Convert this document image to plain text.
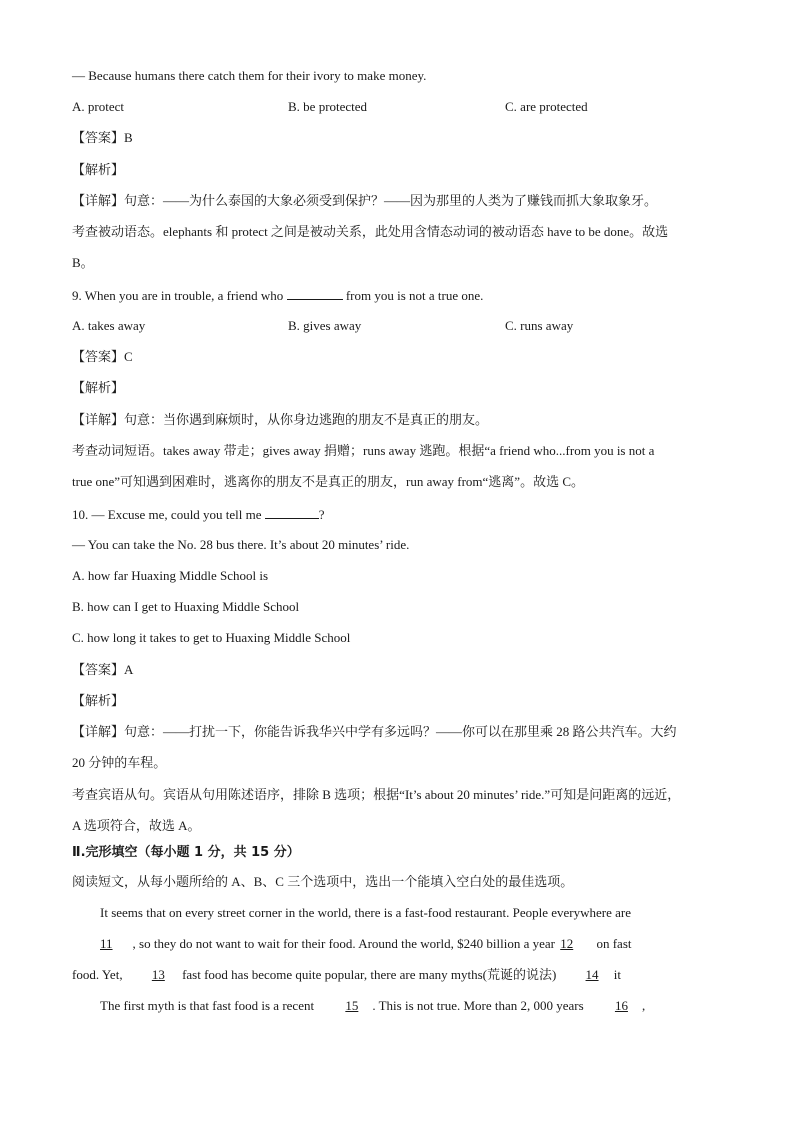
— Because humans there catch them for their ivory to make money.
A. protect	B. be protected	C. are protected
【答案】B
【解析】
【详解】句意：——为什么泰国的大象必须受到保护？——因为那里的人类为了赚钱而抓大象取象牙。
考查被动语态。elephants 和 protect 之间是被动关系，此处用含情态动词的被动语态 have to be done。故选
B。
9. When you are in trouble, a friend who	from you is not a true one.
A. takes away	B. gives away	C. runs away
【答案】C
【解析】
【详解】句意：当你遇到麻烦时，从你身边逃跑的朋友不是真正的朋友。
考查动词短语。takes away 带走；gives away 捐赠；runs away 逃跑。根据“a friend who...from you is not a
true one”可知遇到困难时，逃离你的朋友不是真正的朋友，run away from“逃离”。故选 C。
10. — Excuse me, could you tell me	?
— You can take the No. 28 bus there. It’s about 20 minutes’ ride.
A. how far Huaxing Middle School is
B. how can I get to Huaxing Middle School
C. how long it takes to get to Huaxing Middle School
【答案】A
【解析】
【详解】句意：——打扰一下，你能告诉我华兴中学有多远吗？——你可以在那里乘 28 路公共汽车。大约
20 分钟的车程。
考查宾语从句。宾语从句用陈述语序，排除 B 选项；根据“It’s about 20 minutes’ ride.”可知是问距离的远近，
A 选项符合，故选 A。
Ⅱ.完形填空（每小题 1 分，共 15 分）
阅读短文，从每小题所给的 A、B、C 三个选项中，选出一个能填入空白处的最佳选项。
It seems that on every street corner in the world, there is a fast-food restaurant. People everywhere are
11 , so they do not want to wait for their food. Around the world, $240 billion a year 12 on fast
food. Yet, 13 fast food has become quite popular, there are many myths(荒诞的说法) 14 it
The first myth is that fast food is a recent 15 . This is not true. More than 2, 000 years 16 ,
